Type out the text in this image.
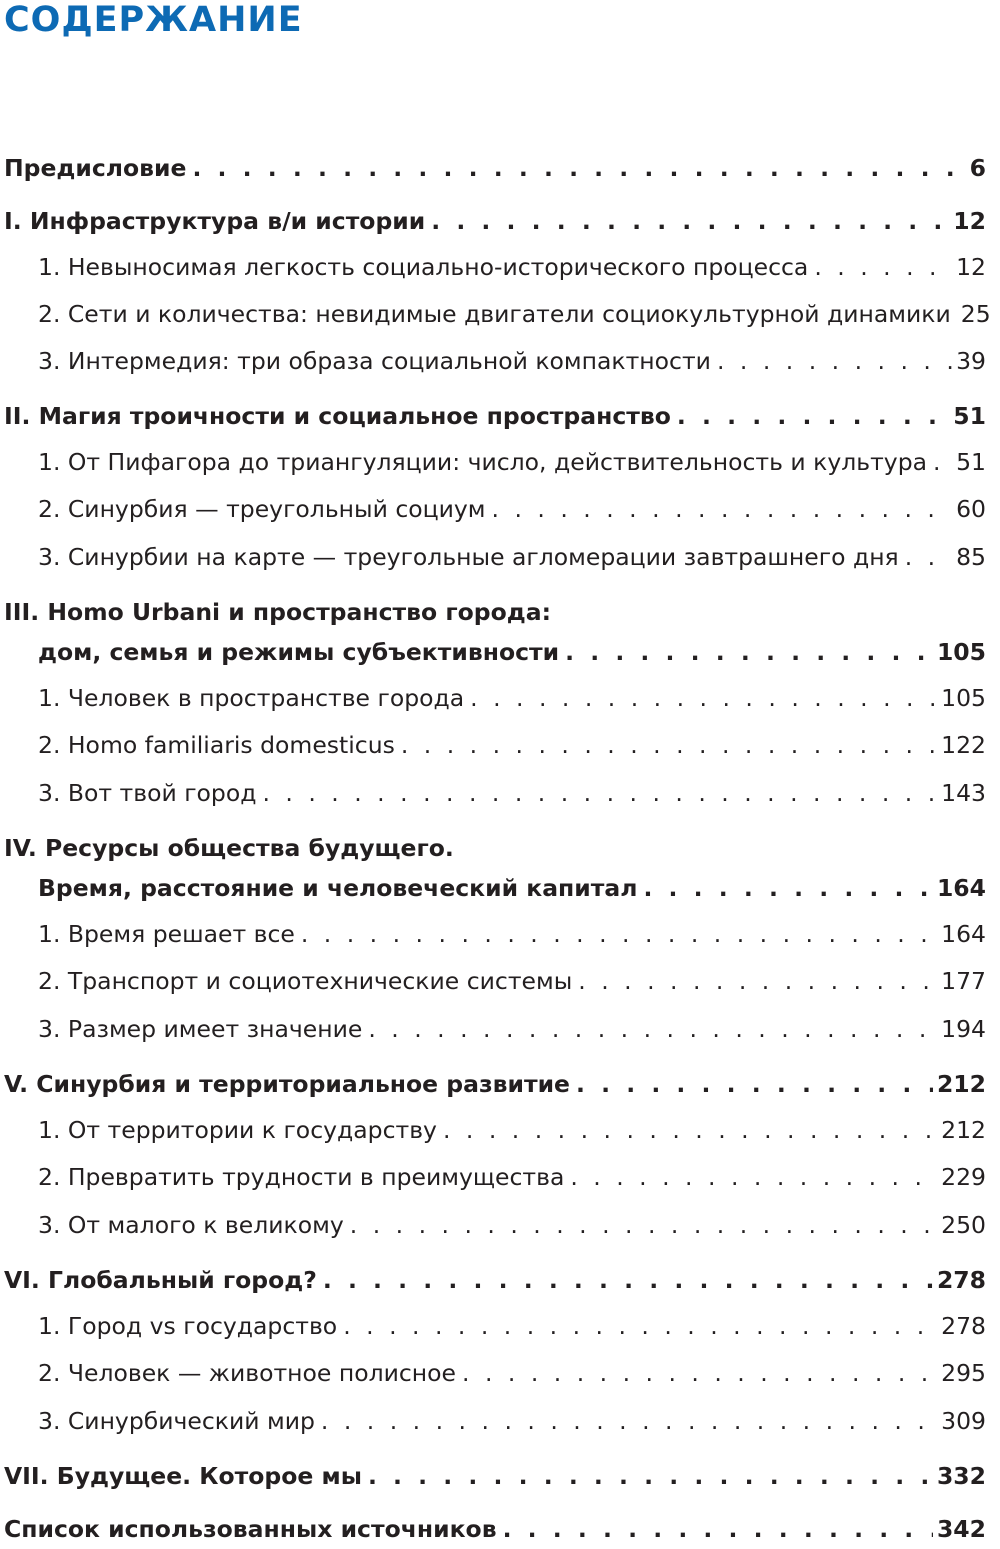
СОДЕРЖАНИЕ
Предисловие . . .	6
I. Инфраструктура в/и истории . . .	12
1. Невыносимая легкость социально-исторического процесса . . .	12
2. Сети и количества: невидимые двигатели социокультурной динамики 25
3. Интермедия: три образа социальной компактности . . .	39
II. Магия троичности и социальное пространство . . .	51
1. От Пифагора до триангуляции: число, действительность и культура . . . 51
2. Синурбия — треугольный социум . . .	60
3. Синурбии на карте — треугольные агломерации завтрашнего дня . . . 85
III. Homo Urbani и пространство города:
дом, семья и режимы субъективности . . .	105
1. Человек в пространстве города . . .	105
2. Homo familiaris domesticus . . .	122
3. Вот твой город . . .	143
IV. Ресурсы общества будущего.
Время, расстояние и человеческий капитал . . .	164
1. Время решает все . . .	164
2. Транспорт и социотехнические системы . . .	177
3. Размер имеет значение . . .	194
V. Синурбия и территориальное развитие . . .	212
1. От территории к государству . . .	212
2. Превратить трудности в преимущества . . .	229
3. От малого к великому . . .	250
VI. Глобальный город? . . .	278
1. Город vs государство . . .	278
2. Человек — животное полисное . . .	295
3. Синурбический мир . . .	309
VII. Будущее. Которое мы . . .	332
Список использованных источников . . .	342
